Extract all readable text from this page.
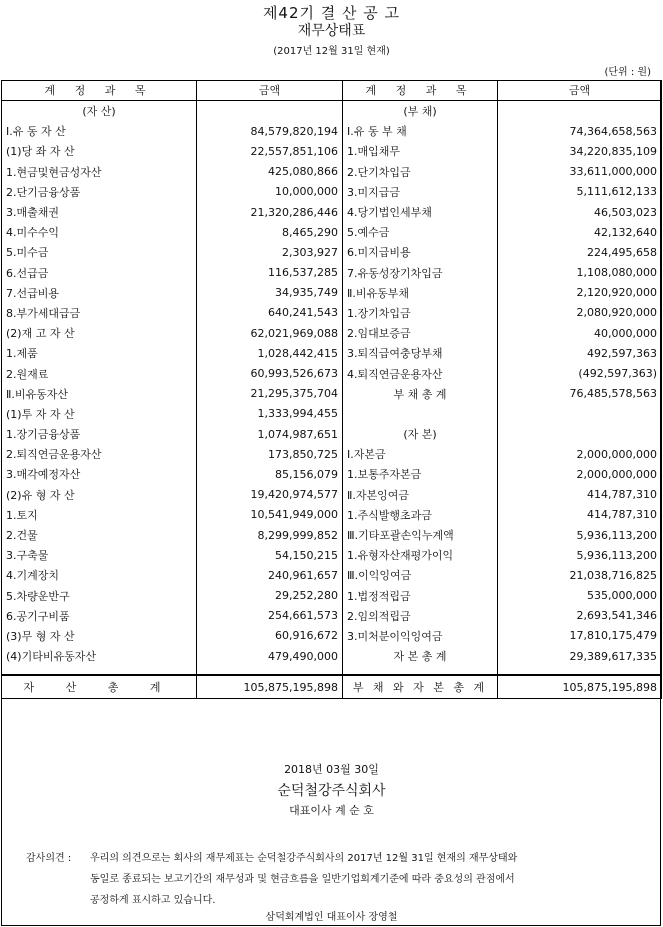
제42기 결 산 공 고
재무상태표
(2017년 12월 31일 현재)
(단위 : 원)
계 정 과 목	금액	계 정 과 목	금액
(자 산)		(부 채)	
Ⅰ.유 동 자 산	84,579,820,194	Ⅰ.유 동 부 채	74,364,658,563
(1)당 좌 자 산	22,557,851,106	1.매입채무	34,220,835,109
1.현금및현금성자산	425,080,866	2.단기차입금	33,611,000,000
2.단기금융상품	10,000,000	3.미지급금	5,111,612,133
3.매출채권	21,320,286,446	4.당기법인세부채	46,503,023
4.미수수익	8,465,290	5.예수금	42,132,640
5.미수금	2,303,927	6.미지급비용	224,495,658
6.선급금	116,537,285	7.유동성장기차입금	1,108,080,000
7.선급비용	34,935,749	Ⅱ.비유동부채	2,120,920,000
8.부가세대급금	640,241,543	1.장기차입금	2,080,920,000
(2)재 고 자 산	62,021,969,088	2.임대보증금	40,000,000
1.제품	1,028,442,415	3.퇴직급여충당부채	492,597,363
2.원재료	60,993,526,673	4.퇴직연금운용자산	(492,597,363)
Ⅱ.비유동자산	21,295,375,704	부 채 총 계	76,485,578,563
(1)투 자 자 산	1,333,994,455		
1.장기금융상품	1,074,987,651	(자 본)	
2.퇴직연금운용자산	173,850,725	Ⅰ.자본금	2,000,000,000
3.매각예정자산	85,156,079	1.보통주자본금	2,000,000,000
(2)유 형 자 산	19,420,974,577	Ⅱ.자본잉여금	414,787,310
1.토지	10,541,949,000	1.주식발행초과금	414,787,310
2.건물	8,299,999,852	Ⅲ.기타포괄손익누계액	5,936,113,200
3.구축물	54,150,215	1.유형자산재평가이익	5,936,113,200
4.기계장치	240,961,657	Ⅲ.이익잉여금	21,038,716,825
5.차량운반구	29,252,280	1.법정적립금	535,000,000
6.공기구비품	254,661,573	2.임의적립금	2,693,541,346
(3)무 형 자 산	60,916,672	3.미처분이익잉여금	17,810,175,479
(4)기타비유동자산	479,490,000	자 본 총 계	29,389,617,335

자 산 총 계	105,875,195,898	부 채 와 자 본 총 계	105,875,195,898
2018년 03월 30일
순덕철강주식회사
대표이사 계 순 호
감사의견 : 우리의 의견으로는 회사의 재무제표는 순덕철강주식회사의 2017년 12월 31일 현재의 재무상태와
동일로 종료되는 보고기간의 재무성과 및 현금흐름을 일반기업회계기준에 따라 중요성의 관점에서
공정하게 표시하고 있습니다.
삼덕회계법인 대표이사 장영철
